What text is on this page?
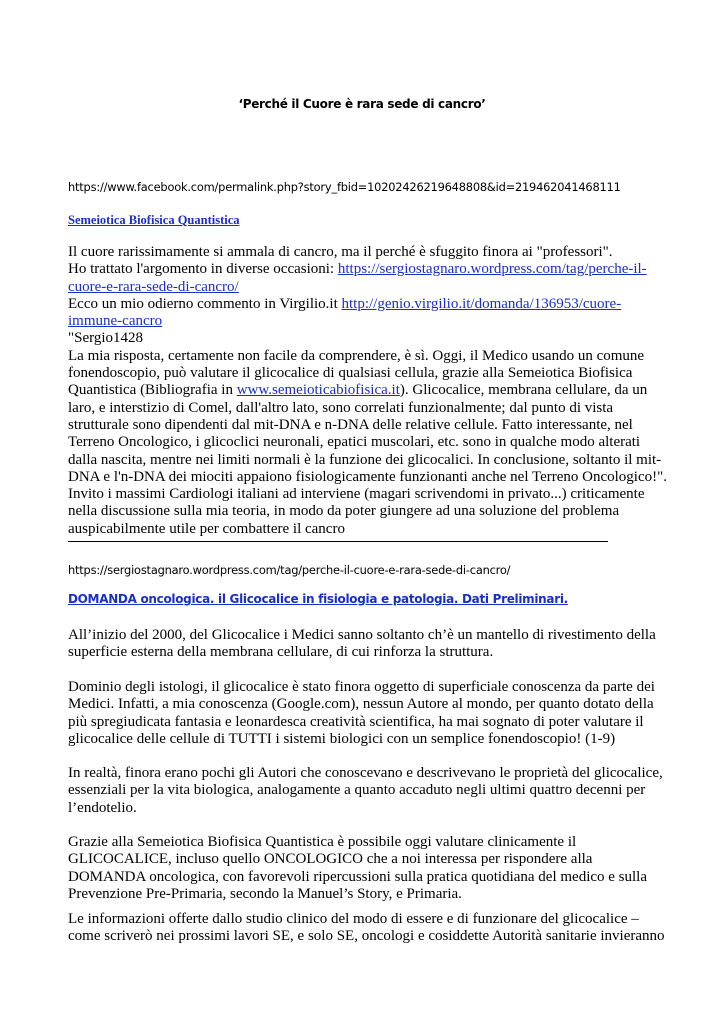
‘Perché il Cuore è rara sede di cancro’
https://www.facebook.com/permalink.php?story_fbid=10202426219648808&id=219462041468111
Semeiotica Biofisica Quantistica
Il cuore rarissimamente si ammala di cancro, ma il perché è sfuggito finora ai "professori".
Ho trattato l'argomento in diverse occasioni: https://sergiostagnaro.wordpress.com/tag/perche-il-
cuore-e-rara-sede-di-cancro/
Ecco un mio odierno commento in Virgilio.it http://genio.virgilio.it/domanda/136953/cuore-
immune-cancro
"Sergio1428
La mia risposta, certamente non facile da comprendere, è sì. Oggi, il Medico usando un comune
fonendoscopio, può valutare il glicocalice di qualsiasi cellula, grazie alla Semeiotica Biofisica
Quantistica (Bibliografia in www.semeioticabiofisica.it). Glicocalice, membrana cellulare, da un
laro, e interstizio di Comel, dall'altro lato, sono correlati funzionalmente; dal punto di vista
strutturale sono dipendenti dal mit-DNA e n-DNA delle relative cellule. Fatto interessante, nel
Terreno Oncologico, i glicoclici neuronali, epatici muscolari, etc. sono in qualche modo alterati
dalla nascita, mentre nei limiti normali è la funzione dei glicocalici. In conclusione, soltanto il mit-
DNA e l'n-DNA dei miociti appaiono fisiologicamente funzionanti anche nel Terreno Oncologico!".
Invito i massimi Cardiologi italiani ad interviene (magari scrivendomi in privato...) criticamente
nella discussione sulla mia teoria, in modo da poter giungere ad una soluzione del problema
auspicabilmente utile per combattere il cancro
https://sergiostagnaro.wordpress.com/tag/perche-il-cuore-e-rara-sede-di-cancro/
DOMANDA oncologica. il Glicocalice in fisiologia e patologia. Dati Preliminari.
All’inizio del 2000, del Glicocalice i Medici sanno soltanto ch’è un mantello di rivestimento della
superficie esterna della membrana cellulare, di cui rinforza la struttura.
Dominio degli istologi, il glicocalice è stato finora oggetto di superficiale conoscenza da parte dei
Medici. Infatti, a mia conoscenza (Google.com), nessun Autore al mondo, per quanto dotato della
più spregiudicata fantasia e leonardesca creatività scientifica, ha mai sognato di poter valutare il
glicocalice delle cellule di TUTTI i sistemi biologici con un semplice fonendoscopio! (1-9)
In realtà, finora erano pochi gli Autori che conoscevano e descrivevano le proprietà del glicocalice,
essenziali per la vita biologica, analogamente a quanto accaduto negli ultimi quattro decenni per
l’endotelio.
Grazie alla Semeiotica Biofisica Quantistica è possibile oggi valutare clinicamente il
GLICOCALICE, incluso quello ONCOLOGICO che a noi interessa per rispondere alla
DOMANDA oncologica, con favorevoli ripercussioni sulla pratica quotidiana del medico e sulla
Prevenzione Pre-Primaria, secondo la Manuel’s Story, e Primaria.
Le informazioni offerte dallo studio clinico del modo di essere e di funzionare del glicocalice –
come scriverò nei prossimi lavori SE, e solo SE, oncologi e cosiddette Autorità sanitarie invieranno
